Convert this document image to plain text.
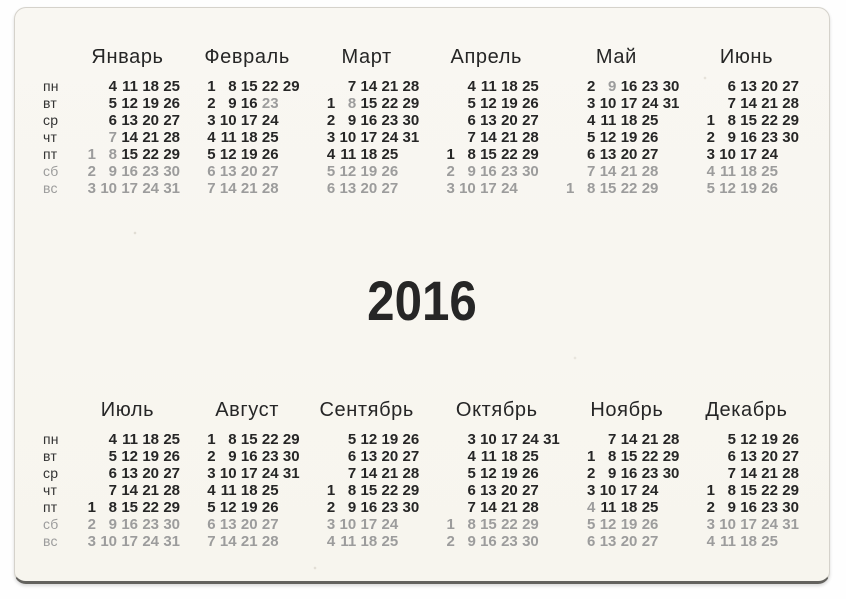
пн
вт
ср
чт
пт
сб
вс
Январь
4 11 18 25
5 12 19 26
6 13 20 27
7 14 21 28
1 8 15 22 29
2 9 16 23 30
3 10 17 24 31
Февраль
1 8 15 22 29
2 9 16 23
3 10 17 24
4 11 18 25
5 12 19 26
6 13 20 27
7 14 21 28
Март
7 14 21 28
1 8 15 22 29
2 9 16 23 30
3 10 17 24 31
4 11 18 25
5 12 19 26
6 13 20 27
Апрель
4 11 18 25
5 12 19 26
6 13 20 27
7 14 21 28
1 8 15 22 29
2 9 16 23 30
3 10 17 24
Май
2 9 16 23 30
3 10 17 24 31
4 11 18 25
5 12 19 26
6 13 20 27
7 14 21 28
1 8 15 22 29
Июнь
6 13 20 27
7 14 21 28
1 8 15 22 29
2 9 16 23 30
3 10 17 24
4 11 18 25
5 12 19 26
2016
пн
вт
ср
чт
пт
сб
вс
Июль
4 11 18 25
5 12 19 26
6 13 20 27
7 14 21 28
1 8 15 22 29
2 9 16 23 30
3 10 17 24 31
Август
1 8 15 22 29
2 9 16 23 30
3 10 17 24 31
4 11 18 25
5 12 19 26
6 13 20 27
7 14 21 28
Сентябрь
5 12 19 26
6 13 20 27
7 14 21 28
1 8 15 22 29
2 9 16 23 30
3 10 17 24
4 11 18 25
Октябрь
3 10 17 24 31
4 11 18 25
5 12 19 26
6 13 20 27
7 14 21 28
1 8 15 22 29
2 9 16 23 30
Ноябрь
7 14 21 28
1 8 15 22 29
2 9 16 23 30
3 10 17 24
4 11 18 25
5 12 19 26
6 13 20 27
Декабрь
5 12 19 26
6 13 20 27
7 14 21 28
1 8 15 22 29
2 9 16 23 30
3 10 17 24 31
4 11 18 25
